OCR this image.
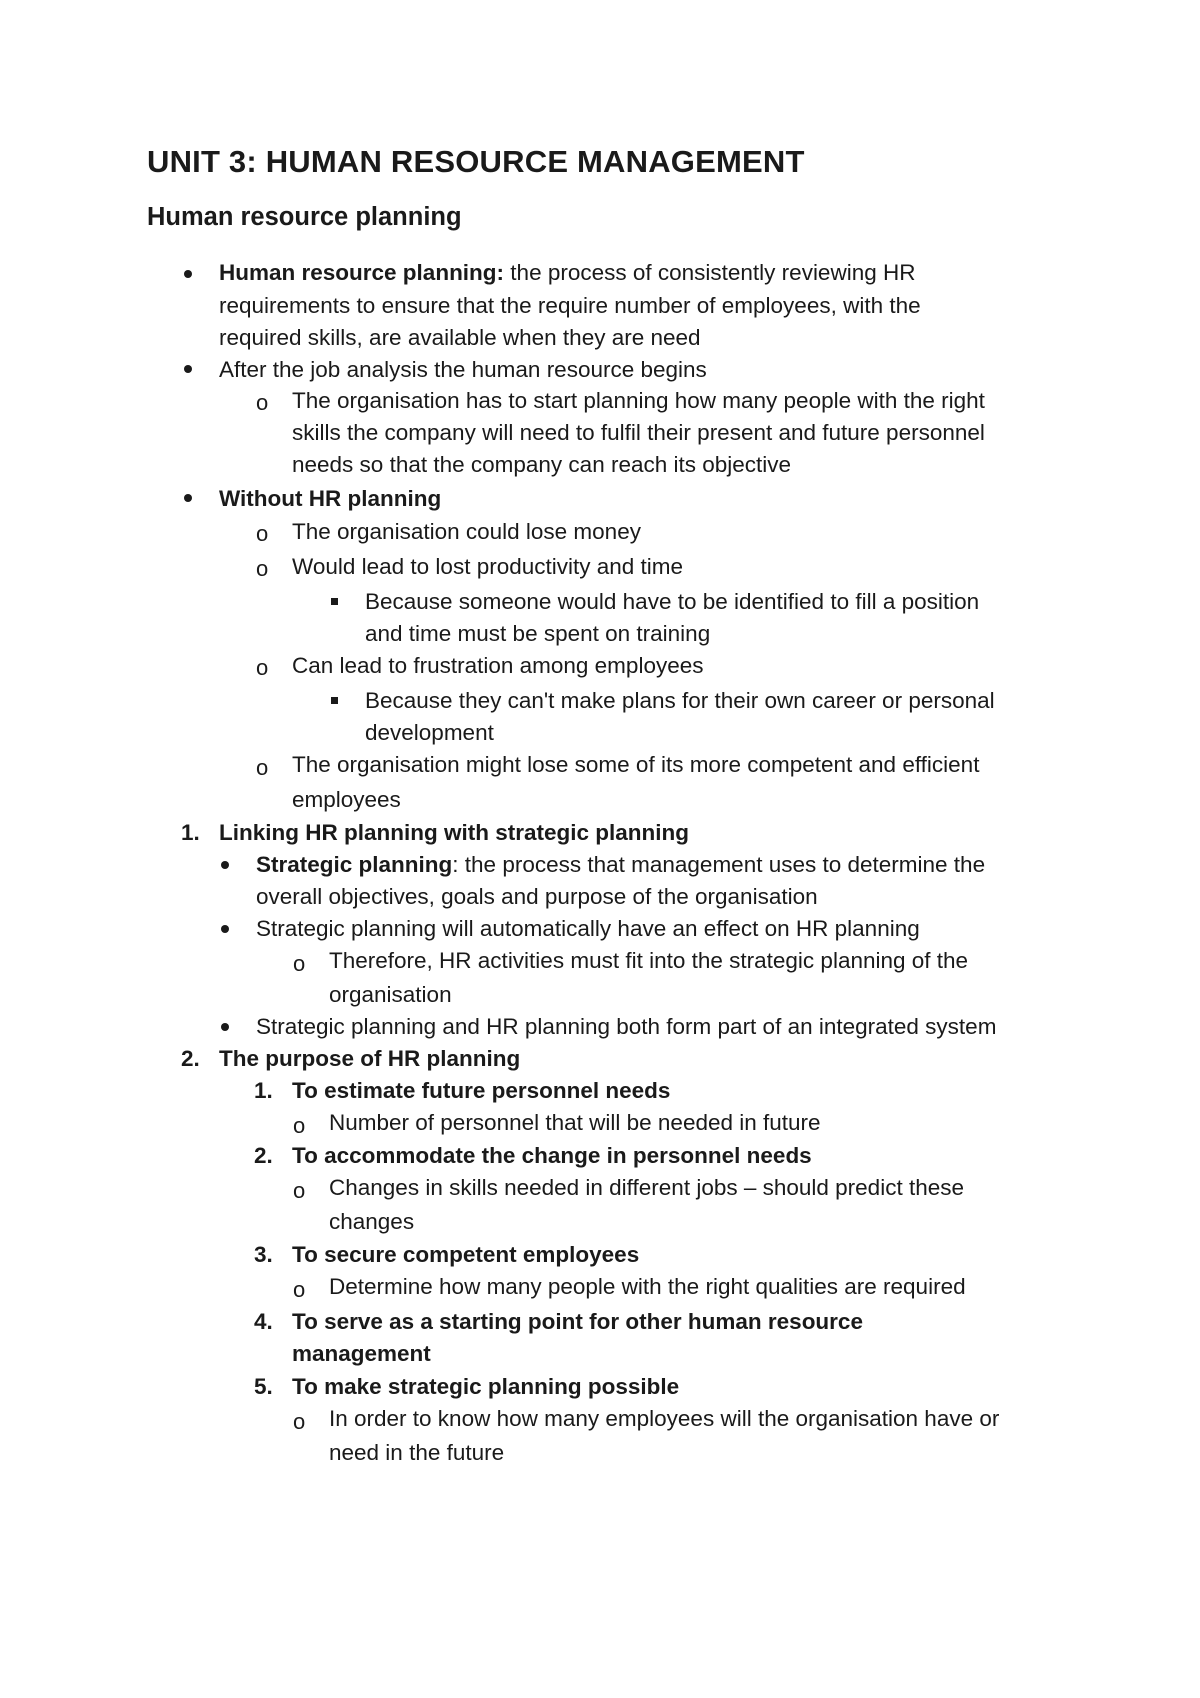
UNIT 3: HUMAN RESOURCE MANAGEMENT
Human resource planning
Human resource planning: the process of consistently reviewing HR
requirements to ensure that the require number of employees, with the
required skills, are available when they are need
After the job analysis the human resource begins
o The organisation has to start planning how many people with the right
skills the company will need to fulfil their present and future personnel
needs so that the company can reach its objective
Without HR planning
o The organisation could lose money
o Would lead to lost productivity and time
Because someone would have to be identified to fill a position
and time must be spent on training
o Can lead to frustration among employees
Because they can't make plans for their own career or personal
development
o The organisation might lose some of its more competent and efficient
employees
1. Linking HR planning with strategic planning
Strategic planning: the process that management uses to determine the
overall objectives, goals and purpose of the organisation
Strategic planning will automatically have an effect on HR planning
o Therefore, HR activities must fit into the strategic planning of the
organisation
Strategic planning and HR planning both form part of an integrated system
2. The purpose of HR planning
1. To estimate future personnel needs
o Number of personnel that will be needed in future
2. To accommodate the change in personnel needs
o Changes in skills needed in different jobs – should predict these
changes
3. To secure competent employees
o Determine how many people with the right qualities are required
4. To serve as a starting point for other human resource
management
5. To make strategic planning possible
o In order to know how many employees will the organisation have or
need in the future
